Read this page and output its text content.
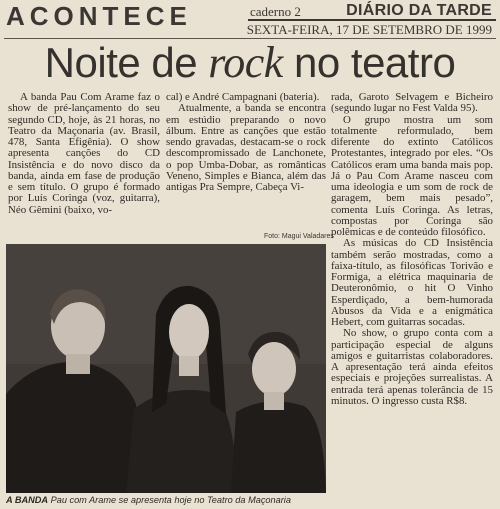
ACONTECE	caderno 2	DIÁRIO DA TARDE
SEXTA-FEIRA, 17 DE SETEMBRO DE 1999
Noite de rock no teatro

A banda Pau Com Arame faz o show de pré-lançamento do seu segundo CD, hoje, às 21 horas, no Teatro da Maçonaria (av. Brasil, 478, Santa Efigênia). O show apresenta canções do CD Insistência e do novo disco da banda, ainda em fase de produção e sem título. O grupo é formado por Luís Coringa (voz, guitarra), Néo Gêmini (baixo, vo-

cal) e André Campagnani (bateria).

Atualmente, a banda se encontra em estúdio preparando o novo álbum. Entre as canções que estão sendo gravadas, destacam-se o rock descompromissado de Lanchonete, o pop Umba-Dobar, as românticas Veneno, Simples e Bianca, além das antigas Pra Sempre, Cabeça Vi-

rada, Garoto Selvagem e Bicheiro (segundo lugar no Fest Valda 95).

O grupo mostra um som totalmente reformulado, bem diferente do extinto Católicos Protestantes, integrado por eles. “Os Católicos eram uma banda mais pop. Já o Pau Com Arame nasceu com uma ideologia e um som de rock de garagem, bem mais pesado”, comenta Luís Coringa. As letras, compostas por Coringa são polêmicas e de conteúdo filosófico.

As músicas do CD Insistência também serão mostradas, como a faixa-título, as filosóficas Torivão e Formiga, a elétrica maquinaria de Deuteronômio, o hit O Vinho Esperdiçado, a bem-humorada Abusos da Vida e a enigmática Hebert, com guitarras socadas.

No show, o grupo conta com a participação especial de alguns amigos e guitarristas colaboradores. A apresentação terá ainda efeitos especiais e projeções surrealistas. A entrada terá apenas tolerância de 15 minutos. O ingresso custa R$8.

Foto: Magui Valadares
A BANDA Pau com Arame se apresenta hoje no Teatro da Maçonaria
